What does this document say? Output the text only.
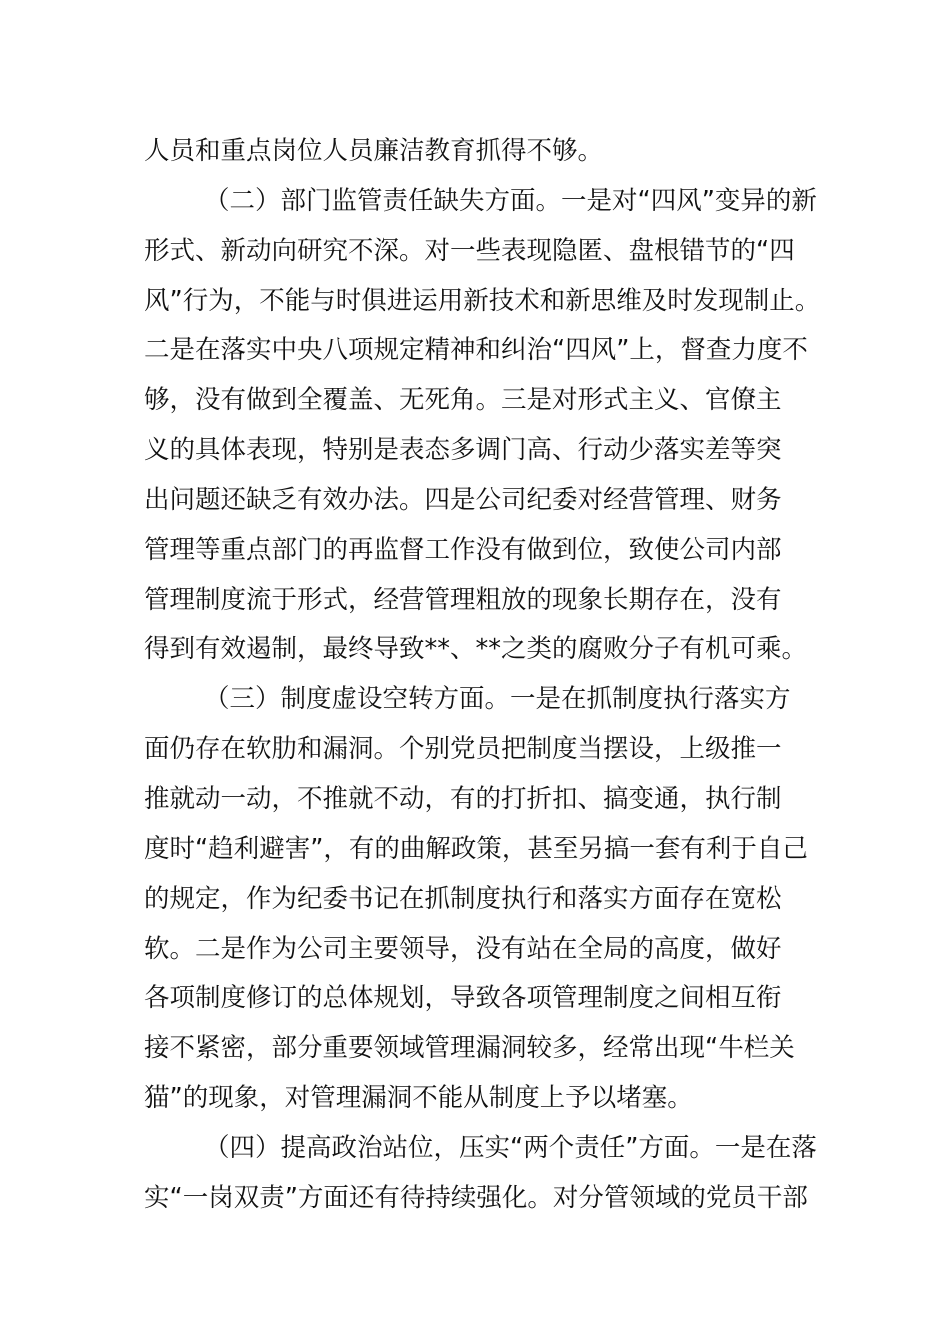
人员和重点岗位人员廉洁教育抓得不够。
（二）部门监管责任缺失方面。一是对“四风”变异的新
形式、新动向研究不深。对一些表现隐匿、盘根错节的“四
风”行为，不能与时俱进运用新技术和新思维及时发现制止。
二是在落实中央八项规定精神和纠治“四风”上，督查力度不
够，没有做到全覆盖、无死角。三是对形式主义、官僚主
义的具体表现，特别是表态多调门高、行动少落实差等突
出问题还缺乏有效办法。四是公司纪委对经营管理、财务
管理等重点部门的再监督工作没有做到位，致使公司内部
管理制度流于形式，经营管理粗放的现象长期存在，没有
得到有效遏制，最终导致**、**之类的腐败分子有机可乘。
（三）制度虚设空转方面。一是在抓制度执行落实方
面仍存在软肋和漏洞。个别党员把制度当摆设，上级推一
推就动一动，不推就不动，有的打折扣、搞变通，执行制
度时“趋利避害”，有的曲解政策，甚至另搞一套有利于自己
的规定，作为纪委书记在抓制度执行和落实方面存在宽松
软。二是作为公司主要领导，没有站在全局的高度，做好
各项制度修订的总体规划，导致各项管理制度之间相互衔
接不紧密，部分重要领域管理漏洞较多，经常出现“牛栏关
猫”的现象，对管理漏洞不能从制度上予以堵塞。
（四）提高政治站位，压实“两个责任”方面。一是在落
实“一岗双责”方面还有待持续强化。对分管领域的党员干部
